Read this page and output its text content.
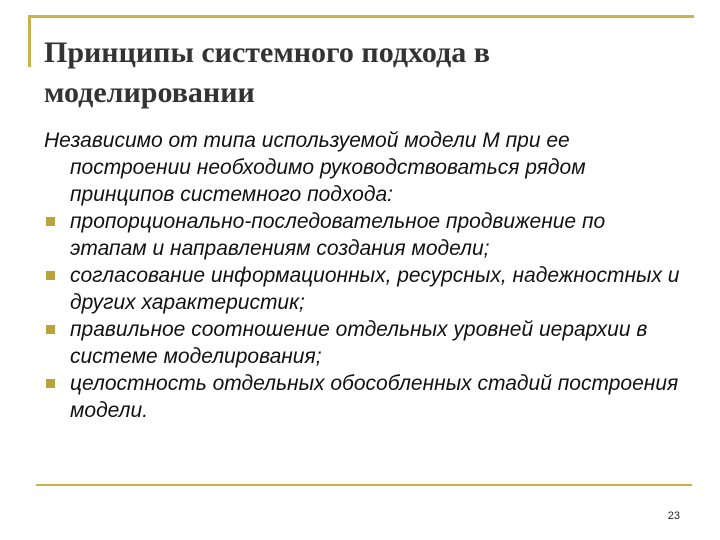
Принципы системного подхода в моделировании

Независимо от типа используемой модели М при ее построении необходимо руководствоваться рядом принципов системного подхода:

пропорционально-последовательное продвижение по этапам и направлениям создания модели;
согласование информационных, ресурсных, надежностных и других характеристик;
правильное соотношение отдельных уровней иерархии в системе моделирования;
целостность отдельных обособленных стадий построения модели.
23
